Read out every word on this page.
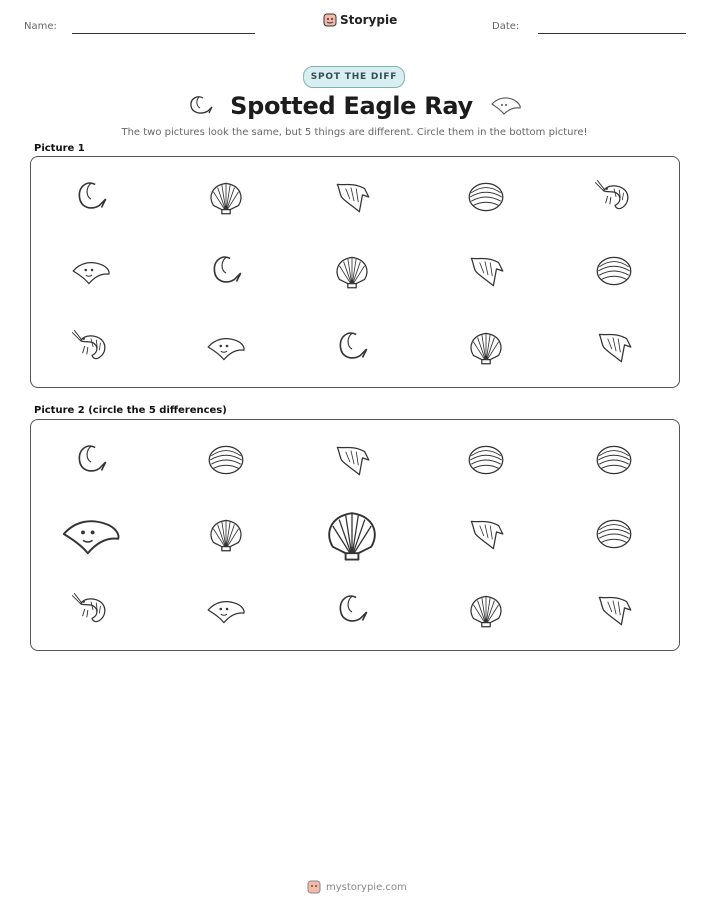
Name:	Storypie	Date:
SPOT THE DIFF
Spotted Eagle Ray
The two pictures look the same, but 5 things are different. Circle them in the bottom picture!
Picture 1
Picture 2 (circle the 5 differences)
mystorypie.com
